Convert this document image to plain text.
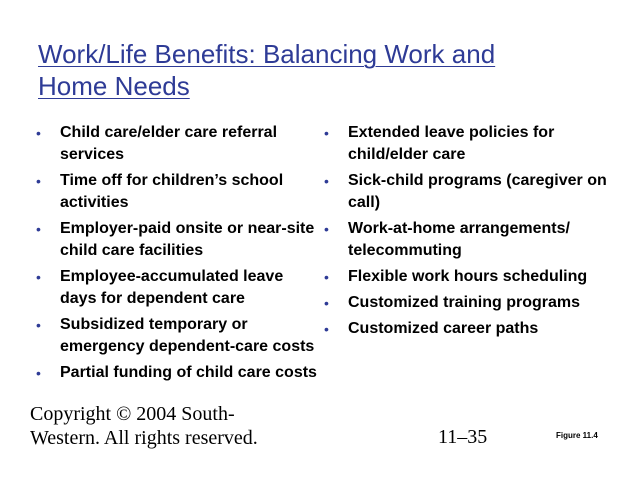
Work/Life Benefits: Balancing Work and
Home Needs
• Child care/elder care referral services
• Time off for children’s school activities
• Employer-paid onsite or near-site child care facilities
• Employee-accumulated leave days for dependent care
• Subsidized temporary or emergency dependent-care costs
• Partial funding of child care costs
• Extended leave policies for child/elder care
• Sick-child programs (caregiver on call)
• Work-at-home arrangements/ telecommuting
• Flexible work hours scheduling
• Customized training programs
• Customized career paths
Copyright © 2004 South-
Western. All rights reserved.	11–35	Figure 11.4
